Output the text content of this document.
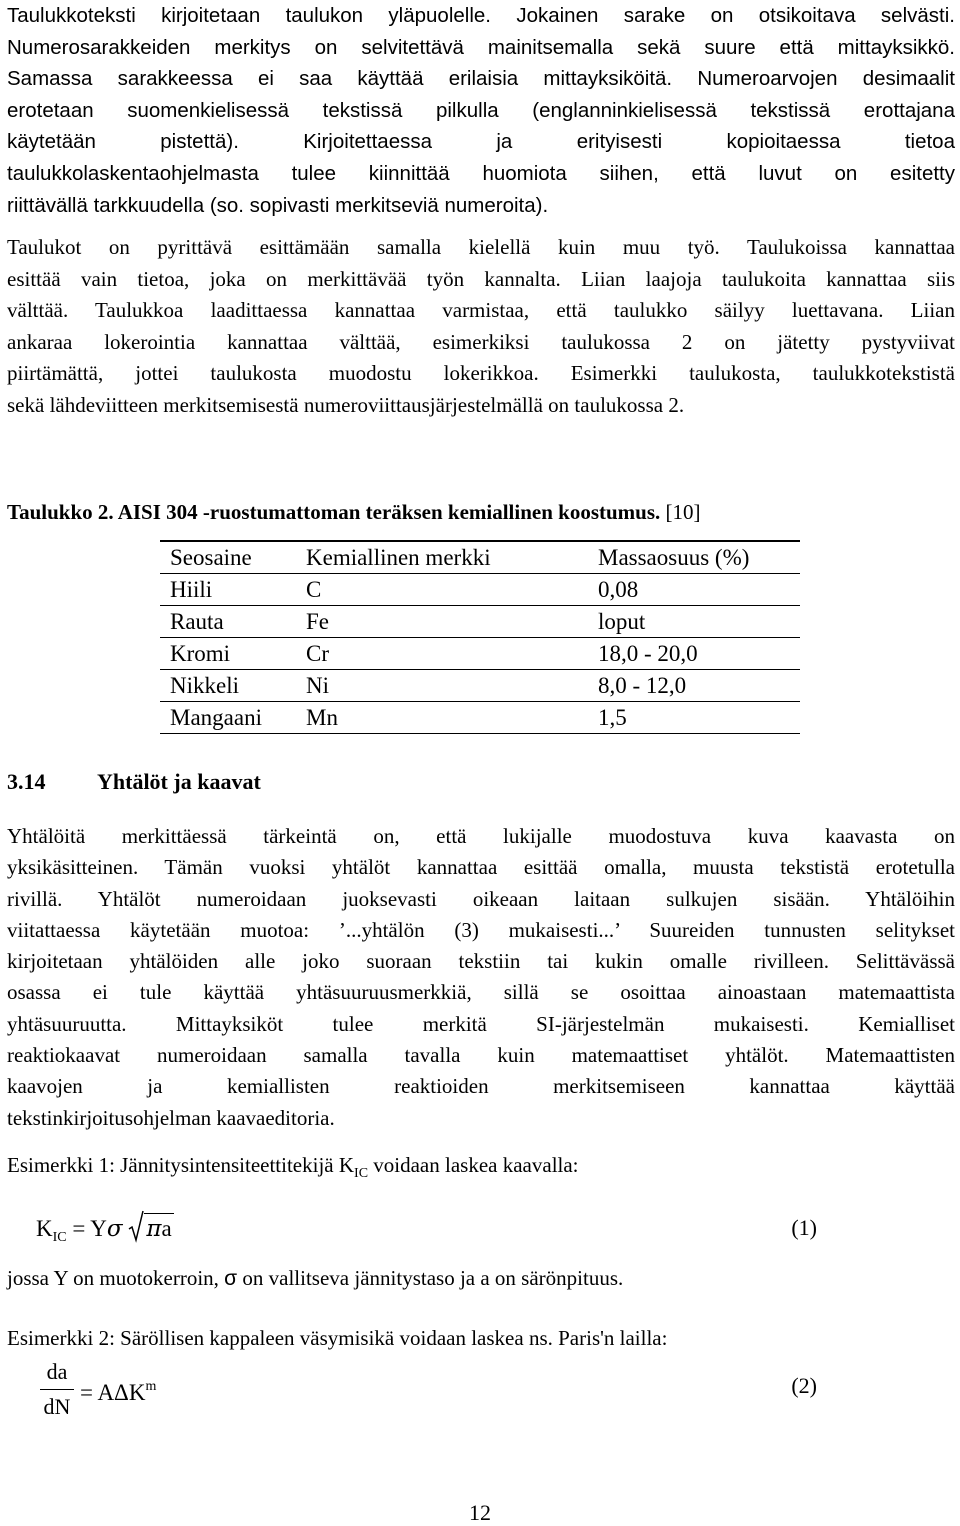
Taulukkoteksti kirjoitetaan taulukon yläpuolelle. Jokainen sarake on otsikoitava selvästi.
Numerosarakkeiden merkitys on selvitettävä mainitsemalla sekä suure että mittayksikkö.
Samassa sarakkeessa ei saa käyttää erilaisia mittayksiköitä. Numeroarvojen desimaalit
erotetaan suomenkielisessä tekstissä pilkulla (englanninkielisessä tekstissä erottajana
käytetään pistettä). Kirjoitettaessa ja erityisesti kopioitaessa tietoa
taulukkolaskentaohjelmasta tulee kiinnittää huomiota siihen, että luvut on esitetty
riittävällä tarkkuudella (so. sopivasti merkitseviä numeroita).
Taulukot on pyrittävä esittämään samalla kielellä kuin muu työ. Taulukoissa kannattaa
esittää vain tietoa, joka on merkittävää työn kannalta. Liian laajoja taulukoita kannattaa siis
välttää. Taulukkoa laadittaessa kannattaa varmistaa, että taulukko säilyy luettavana. Liian
ankaraa lokerointia kannattaa välttää, esimerkiksi taulukossa 2 on jätetty pystyviivat
piirtämättä, jottei taulukosta muodostu lokerikkoa. Esimerkki taulukosta, taulukkotekstistä
sekä lähdeviitteen merkitsemisestä numeroviittausjärjestelmällä on taulukossa 2.
Taulukko 2. AISI 304 -ruostumattoman teräksen kemiallinen koostumus. [10]
Seosaine	Kemiallinen merkki	Massaosuus (%)
Hiili	C	0,08
Rauta	Fe	loput
Kromi	Cr	18,0 - 20,0
Nikkeli	Ni	8,0 - 12,0
Mangaani	Mn	1,5
3.14 Yhtälöt ja kaavat
Yhtälöitä merkittäessä tärkeintä on, että lukijalle muodostuva kuva kaavasta on
yksikäsitteinen. Tämän vuoksi yhtälöt kannattaa esittää omalla, muusta tekstistä erotetulla
rivillä. Yhtälöt numeroidaan juoksevasti oikeaan laitaan sulkujen sisään. Yhtälöihin
viitattaessa käytetään muotoa: ’...yhtälön (3) mukaisesti...’ Suureiden tunnusten selitykset
kirjoitetaan yhtälöiden alle joko suoraan tekstiin tai kukin omalle rivilleen. Selittävässä
osassa ei tule käyttää yhtäsuuruusmerkkiä, sillä se osoittaa ainoastaan matemaattista
yhtäsuuruutta. Mittayksiköt tulee merkitä SI-järjestelmän mukaisesti. Kemialliset
reaktiokaavat numeroidaan samalla tavalla kuin matemaattiset yhtälöt. Matemaattisten
kaavojen ja kemiallisten reaktioiden merkitsemiseen kannattaa käyttää
tekstinkirjoitusohjelman kaavaeditoria.
Esimerkki 1: Jännitysintensiteettitekijä $K_{IC}$ voidaan laskea kaavalla:
$K_{IC} = Y\sigma$ πa	(1)
jossa Y on muotokerroin, σ on vallitseva jännitystaso ja a on särönpituus.
Esimerkki 2: Säröllisen kappaleen väsymisikä voidaan laskea ns. Paris'n lailla:
da
dN
= $A\Delta K^m$	(2)
12
